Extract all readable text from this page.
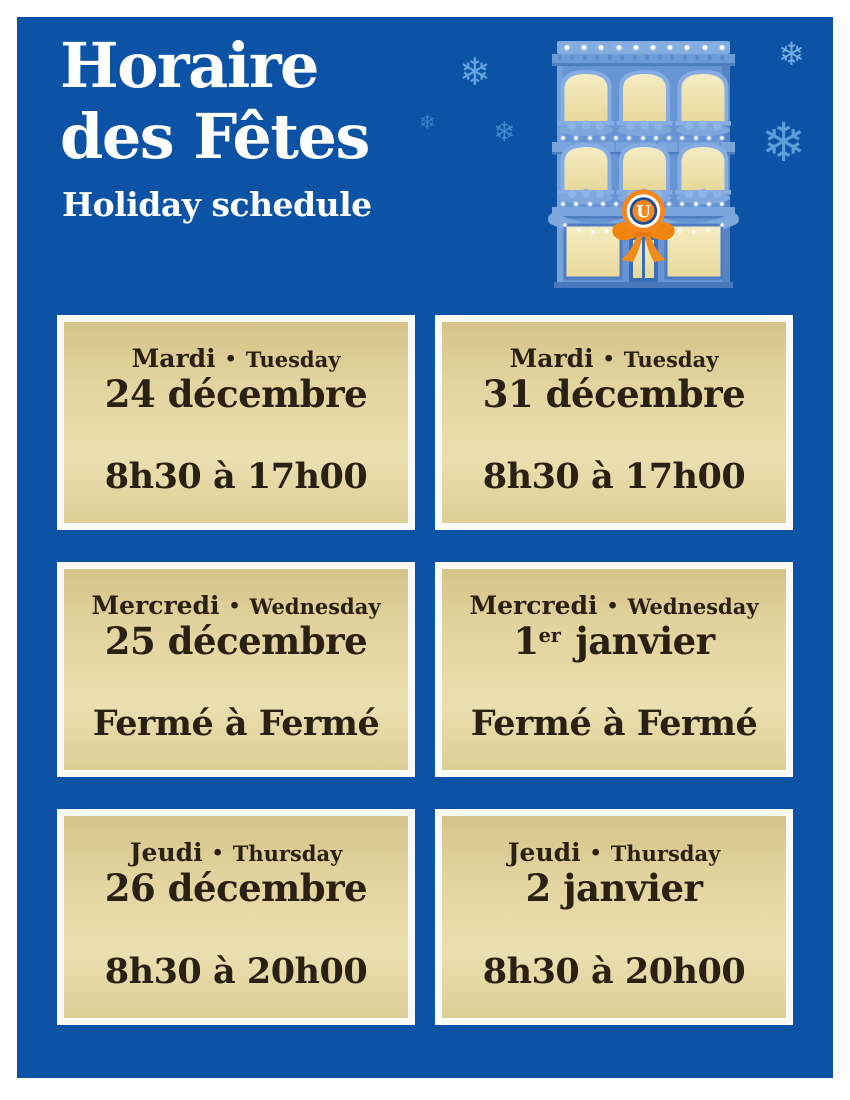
Horaire
des Fêtes
Holiday schedule
❄
❄
❄
❄
❄
U
Mardi • Tuesday
24 décembre
8h30 à 17h00
Mardi • Tuesday
31 décembre
8h30 à 17h00
Mercredi • Wednesday
25 décembre
Fermé à Fermé
Mercredi • Wednesday
1er janvier
Fermé à Fermé
Jeudi • Thursday
26 décembre
8h30 à 20h00
Jeudi • Thursday
2 janvier
8h30 à 20h00
